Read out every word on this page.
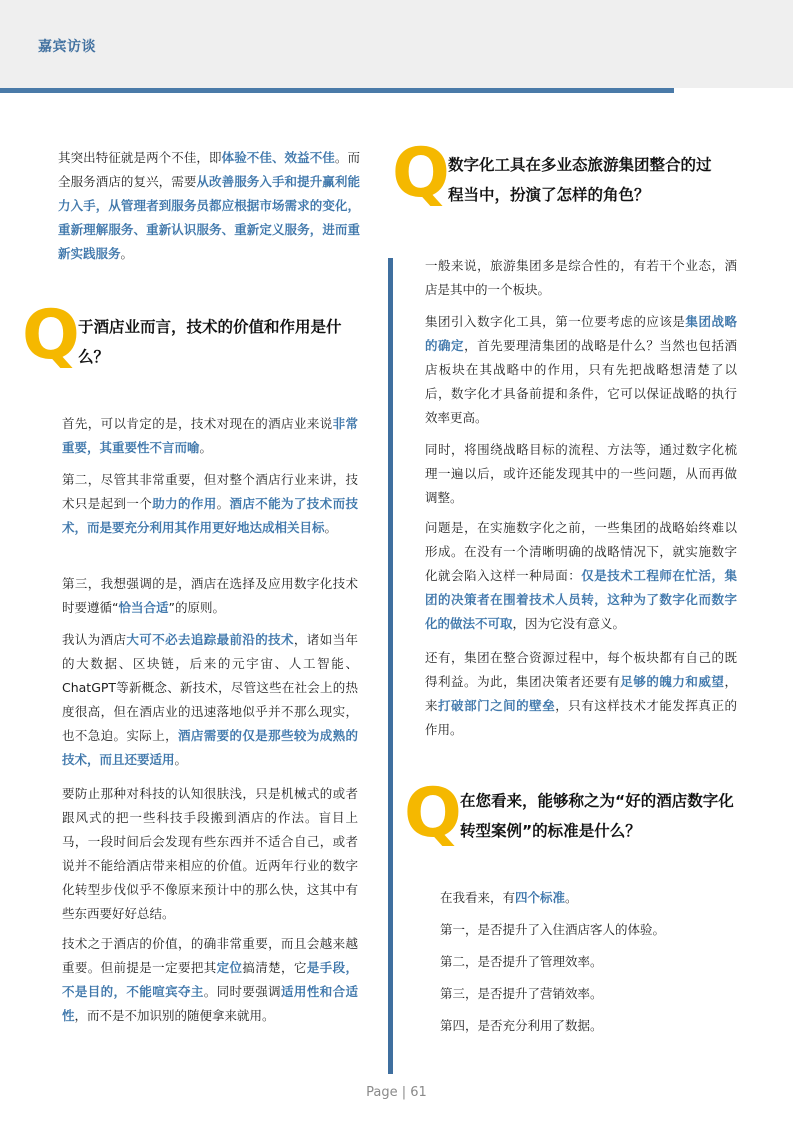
嘉宾访谈

其突出特征就是两个不佳，即体验不佳、效益不佳。而全服务酒店的复兴，需要从改善服务入手和提升赢利能力入手，从管理者到服务员都应根据市场需求的变化，重新理解服务、重新认识服务、重新定义服务，进而重新实践服务。

Q
于酒店业而言，技术的价值和作用是什么？

首先，可以肯定的是，技术对现在的酒店业来说非常重要，其重要性不言而喻。

第二，尽管其非常重要，但对整个酒店行业来讲，技术只是起到一个助力的作用。酒店不能为了技术而技术，而是要充分利用其作用更好地达成相关目标。

第三，我想强调的是，酒店在选择及应用数字化技术时要遵循“恰当合适”的原则。

我认为酒店大可不必去追踪最前沿的技术，诸如当年的大数据、区块链，后来的元宇宙、人工智能、ChatGPT等新概念、新技术，尽管这些在社会上的热度很高，但在酒店业的迅速落地似乎并不那么现实，也不急迫。实际上，酒店需要的仅是那些较为成熟的技术，而且还要适用。

要防止那种对科技的认知很肤浅，只是机械式的或者跟风式的把一些科技手段搬到酒店的作法。盲目上马，一段时间后会发现有些东西并不适合自己，或者说并不能给酒店带来相应的价值。近两年行业的数字化转型步伐似乎不像原来预计中的那么快，这其中有些东西要好好总结。

技术之于酒店的价值，的确非常重要，而且会越来越重要。但前提是一定要把其定位搞清楚，它是手段，不是目的，不能喧宾夺主。同时要强调适用性和合适性，而不是不加识别的随便拿来就用。

Q
数字化工具在多业态旅游集团整合的过程当中，扮演了怎样的角色？

一般来说，旅游集团多是综合性的，有若干个业态，酒店是其中的一个板块。

集团引入数字化工具，第一位要考虑的应该是集团战略的确定，首先要理清集团的战略是什么？当然也包括酒店板块在其战略中的作用，只有先把战略想清楚了以后，数字化才具备前提和条件，它可以保证战略的执行效率更高。

同时，将围绕战略目标的流程、方法等，通过数字化梳理一遍以后，或许还能发现其中的一些问题，从而再做调整。

问题是，在实施数字化之前，一些集团的战略始终难以形成。在没有一个清晰明确的战略情况下，就实施数字化就会陷入这样一种局面：仅是技术工程师在忙活，集团的决策者在围着技术人员转，这种为了数字化而数字化的做法不可取，因为它没有意义。

还有，集团在整合资源过程中，每个板块都有自己的既得利益。为此，集团决策者还要有足够的魄力和威望，来打破部门之间的壁垒，只有这样技术才能发挥真正的作用。

Q
在您看来，能够称之为“好的酒店数字化转型案例”的标准是什么？

在我看来，有四个标准。

第一，是否提升了入住酒店客人的体验。

第二，是否提升了管理效率。

第三，是否提升了营销效率。

第四，是否充分利用了数据。

Page | 61
